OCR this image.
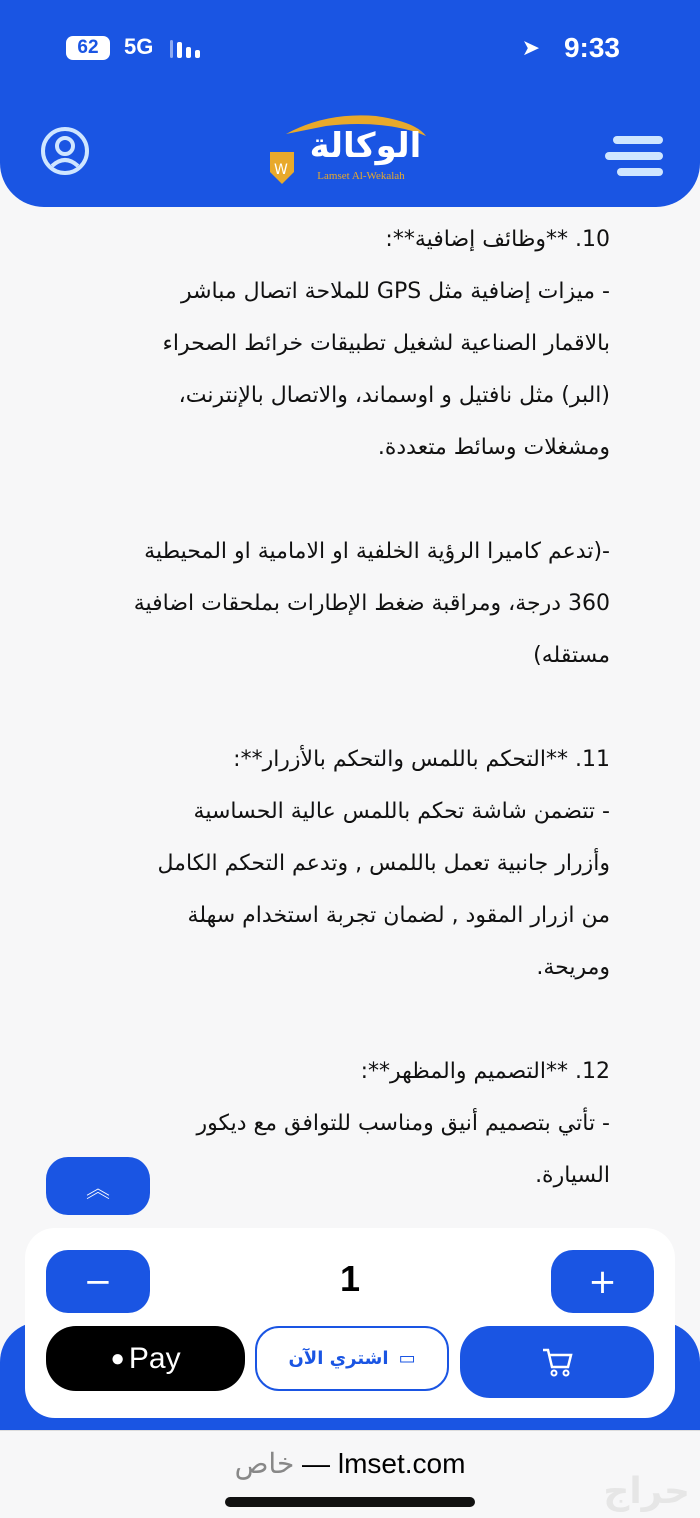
62	5G	➤ 9:33
W
الوكالة
Lamset Al-Wekalah
10. **وظائف إضافية**:
- ميزات إضافية مثل GPS للملاحة اتصال مباشر
بالاقمار الصناعية لشغيل تطبيقات خرائط الصحراء
(البر) مثل نافتيل و اوسماند، والاتصال بالإنترنت،
ومشغلات وسائط متعددة.
-(تدعم كاميرا الرؤية الخلفية او الامامية او المحيطية
360 درجة، ومراقبة ضغط الإطارات بملحقات اضافية
مستقله)
11. **التحكم باللمس والتحكم بالأزرار**:
- تتضمن شاشة تحكم باللمس عالية الحساسية
وأزرار جانبية تعمل باللمس , وتدعم التحكم الكامل
من ازرار المقود , لضمان تجربة استخدام سهلة
ومريحة.
12. **التصميم والمظهر**:
- تأتي بتصميم أنيق ومناسب للتوافق مع ديكور
السيارة.
︽
−	1	+
● Pay	▭
اشتري الآن
خاص — lmset.com
حراج
